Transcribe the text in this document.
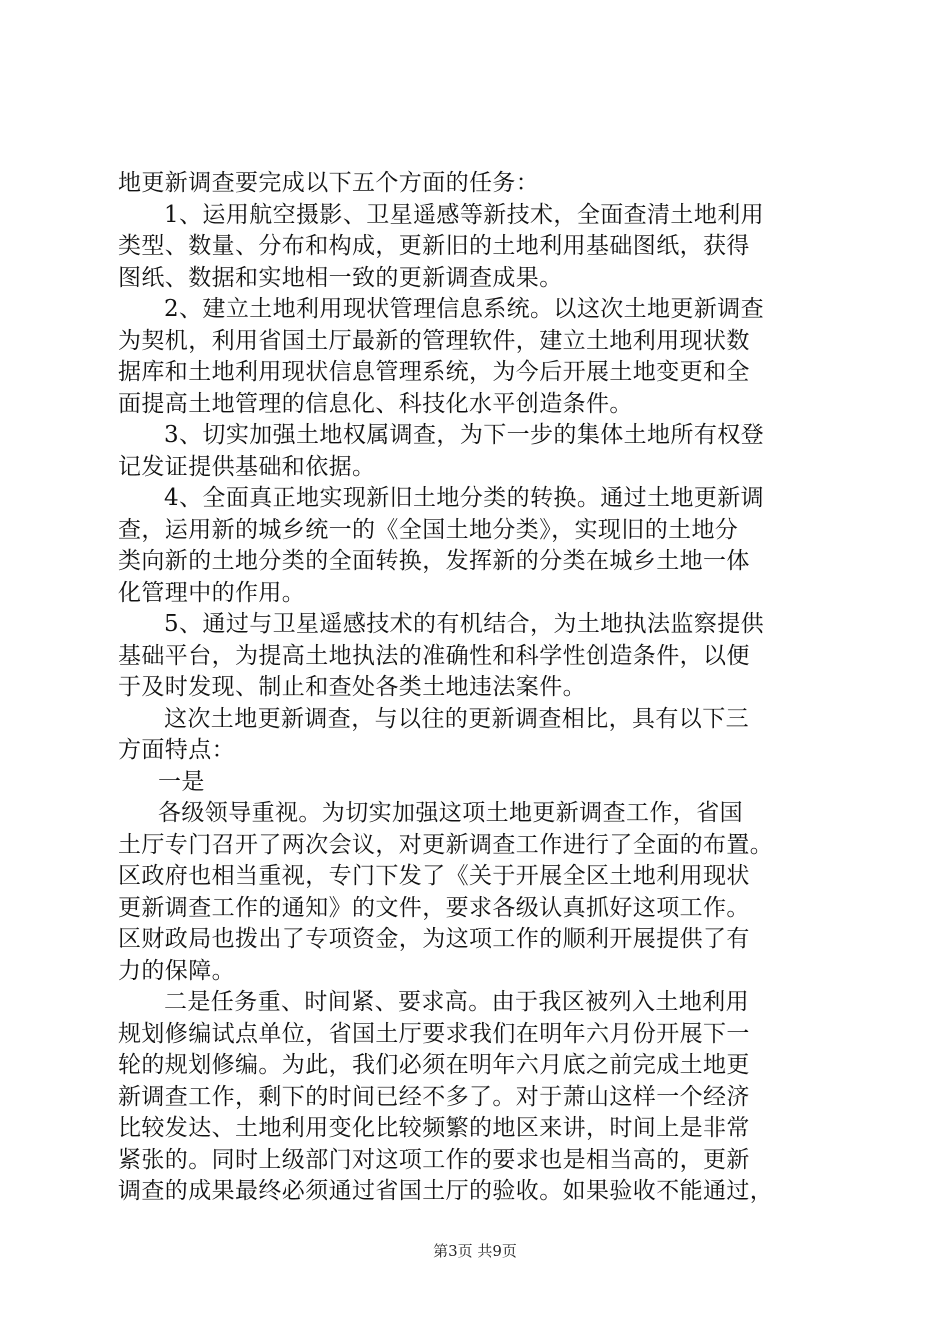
地更新调查要完成以下五个方面的任务：
1、运用航空摄影、卫星遥感等新技术，全面查清土地利用
类型、数量、分布和构成，更新旧的土地利用基础图纸，获得
图纸、数据和实地相一致的更新调查成果。
2、建立土地利用现状管理信息系统。以这次土地更新调查
为契机，利用省国土厅最新的管理软件，建立土地利用现状数
据库和土地利用现状信息管理系统，为今后开展土地变更和全
面提高土地管理的信息化、科技化水平创造条件。
3、切实加强土地权属调查，为下一步的集体土地所有权登
记发证提供基础和依据。
4、全面真正地实现新旧土地分类的转换。通过土地更新调
查，运用新的城乡统一的《全国土地分类》，实现旧的土地分
类向新的土地分类的全面转换，发挥新的分类在城乡土地一体
化管理中的作用。
5、通过与卫星遥感技术的有机结合，为土地执法监察提供
基础平台，为提高土地执法的准确性和科学性创造条件，以便
于及时发现、制止和查处各类土地违法案件。
这次土地更新调查，与以往的更新调查相比，具有以下三
方面特点：
一是
各级领导重视。为切实加强这项土地更新调查工作，省国
土厅专门召开了两次会议，对更新调查工作进行了全面的布置。
区政府也相当重视，专门下发了《关于开展全区土地利用现状
更新调查工作的通知》的文件，要求各级认真抓好这项工作。
区财政局也拨出了专项资金，为这项工作的顺利开展提供了有
力的保障。
二是任务重、时间紧、要求高。由于我区被列入土地利用
规划修编试点单位，省国土厅要求我们在明年六月份开展下一
轮的规划修编。为此，我们必须在明年六月底之前完成土地更
新调查工作，剩下的时间已经不多了。对于萧山这样一个经济
比较发达、土地利用变化比较频繁的地区来讲，时间上是非常
紧张的。同时上级部门对这项工作的要求也是相当高的，更新
调查的成果最终必须通过省国土厅的验收。如果验收不能通过，
第3页 共9页
